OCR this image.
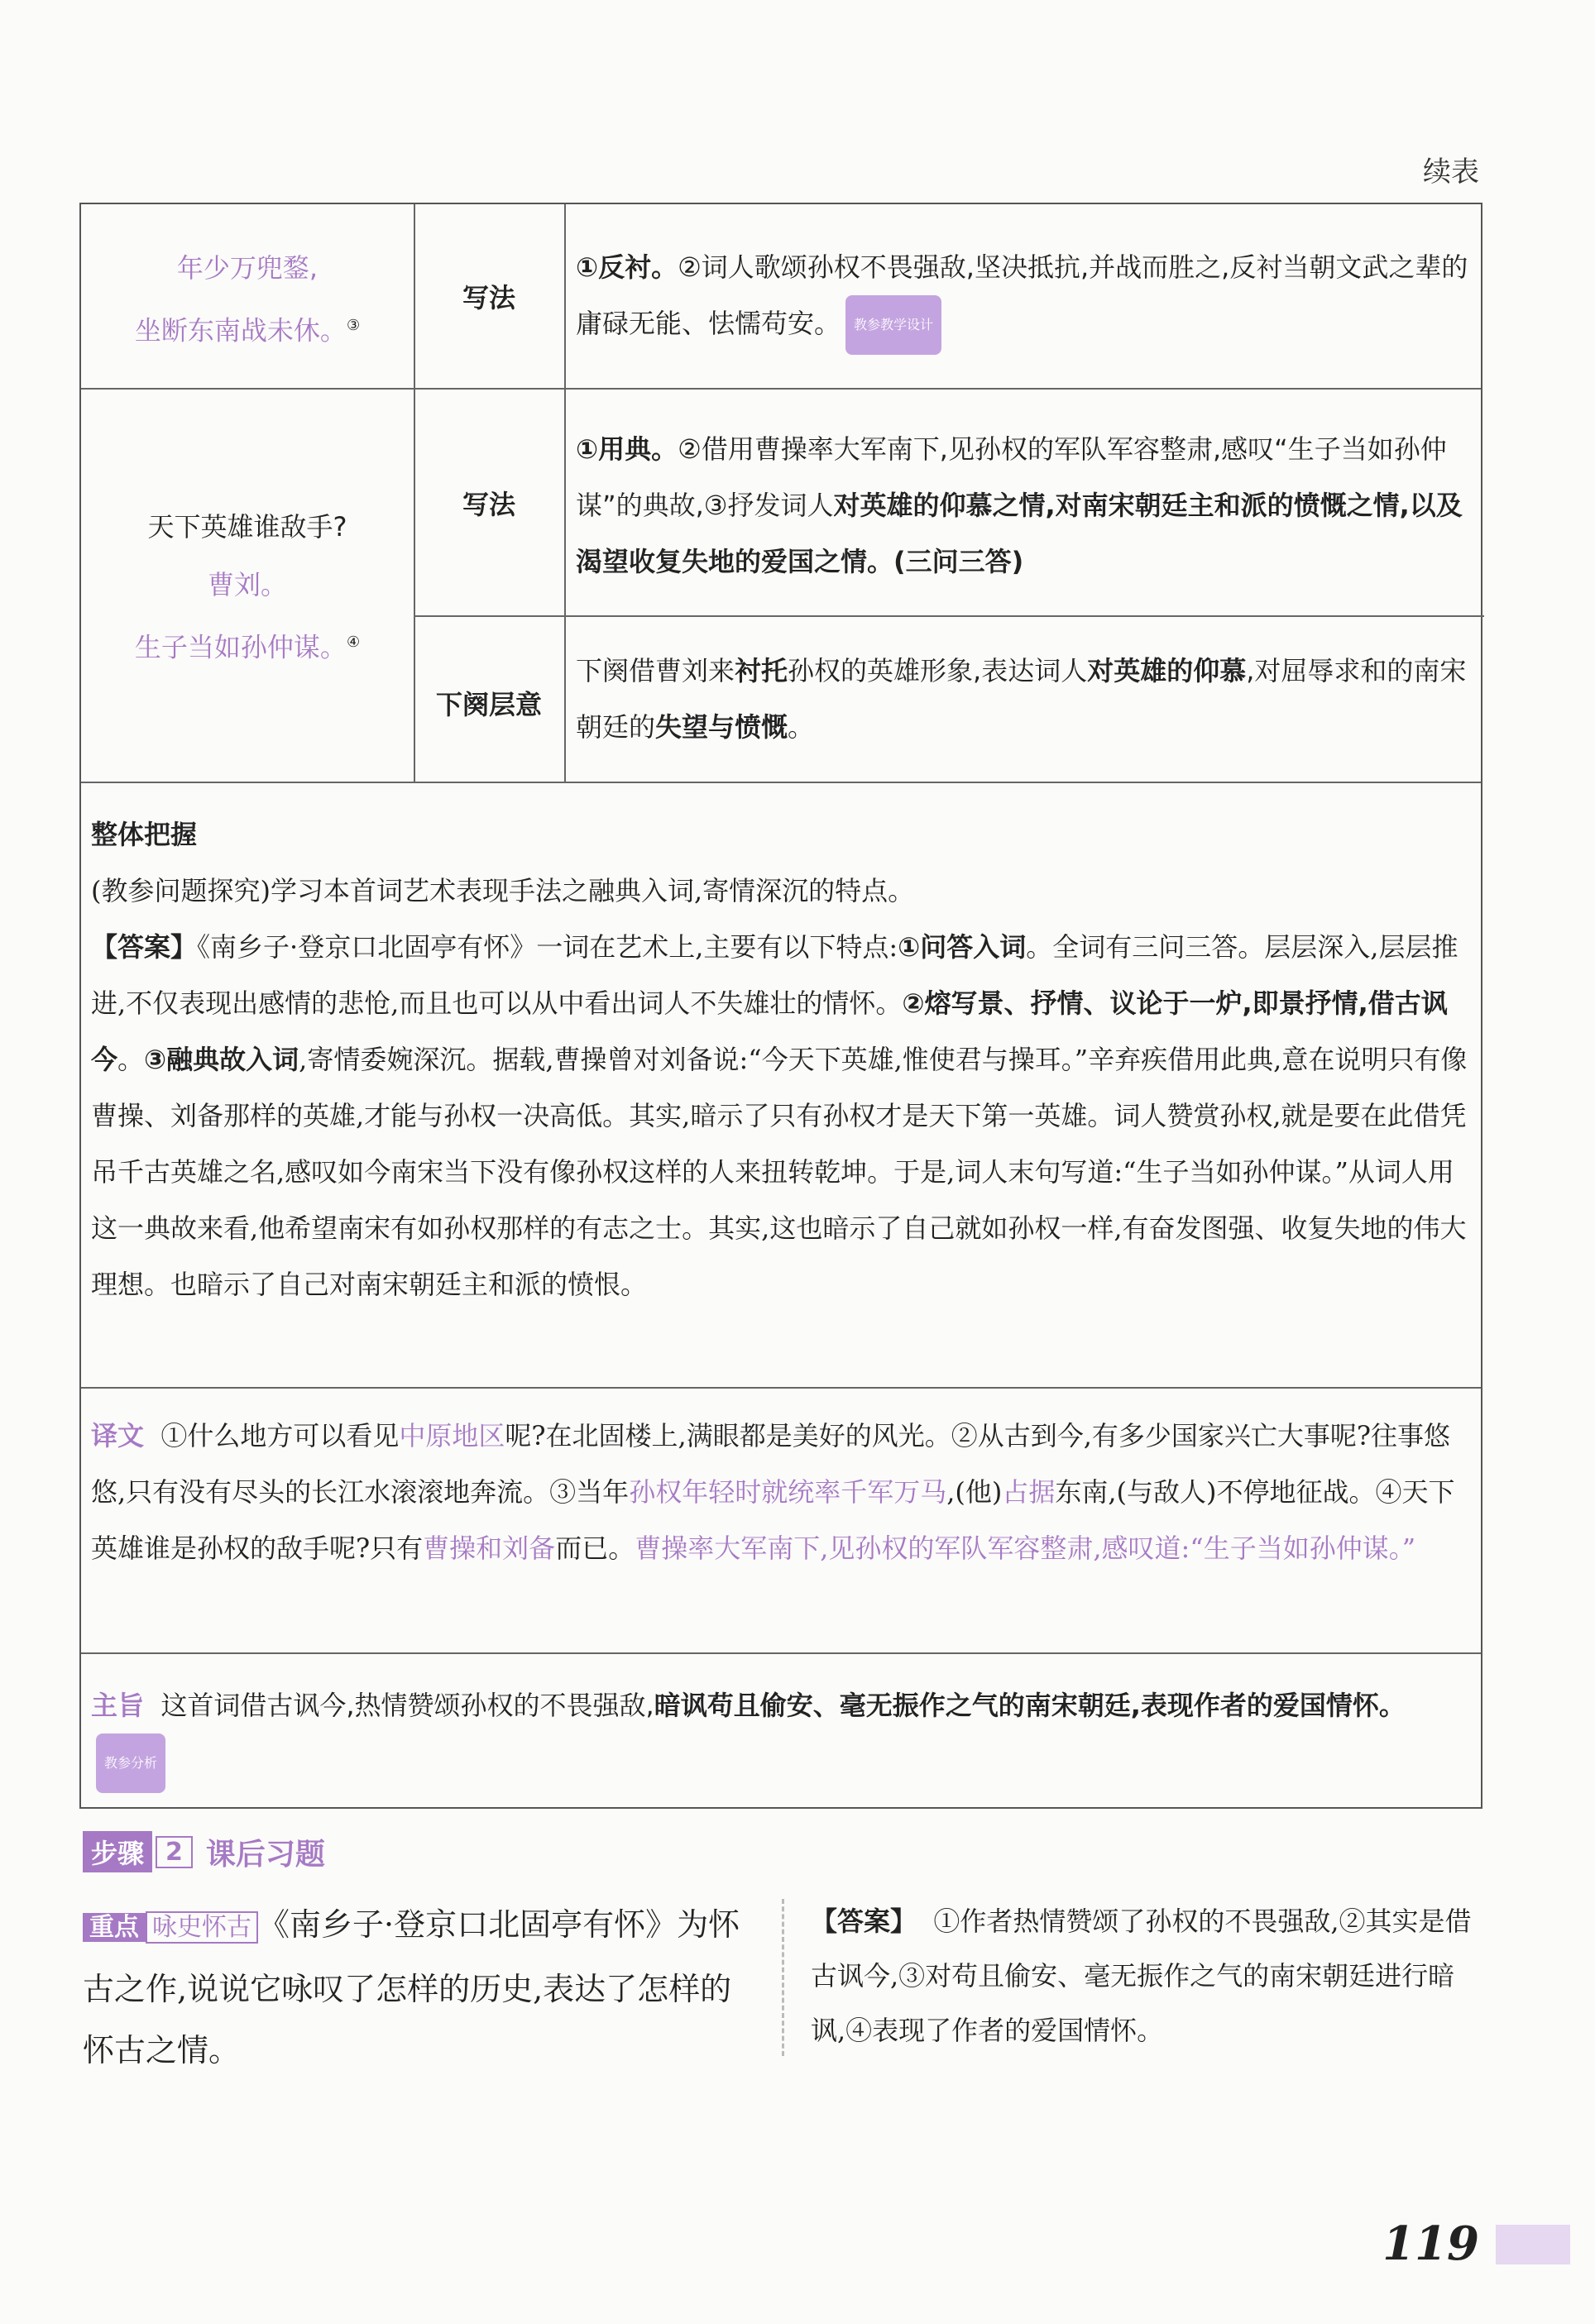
续表
年少万兜鍪,
坐断东南战未休。③
写法
①反衬。②词人歌颂孙权不畏强敌,坚决抵抗,并战而胜之,反衬当朝文武之辈的庸碌无能、怯懦苟安。 教参教学设计
天下英雄谁敌手?
曹刘。
生子当如孙仲谋。④
写法
①用典。②借用曹操率大军南下,见孙权的军队军容整肃,感叹“生子当如孙仲谋”的典故,③抒发词人对英雄的仰慕之情,对南宋朝廷主和派的愤慨之情,以及渴望收复失地的爱国之情。(三问三答)
下阕层意
下阕借曹刘来衬托孙权的英雄形象,表达词人对英雄的仰慕,对屈辱求和的南宋朝廷的失望与愤慨。
整体把握
(教参问题探究)学习本首词艺术表现手法之融典入词,寄情深沉的特点。
【答案】《南乡子·登京口北固亭有怀》一词在艺术上,主要有以下特点:①问答入词。全词有三问三答。层层深入,层层推进,不仅表现出感情的悲怆,而且也可以从中看出词人不失雄壮的情怀。②熔写景、抒情、议论于一炉,即景抒情,借古讽今。③融典故入词,寄情委婉深沉。据载,曹操曾对刘备说:“今天下英雄,惟使君与操耳。”辛弃疾借用此典,意在说明只有像曹操、刘备那样的英雄,才能与孙权一决高低。其实,暗示了只有孙权才是天下第一英雄。词人赞赏孙权,就是要在此借凭吊千古英雄之名,感叹如今南宋当下没有像孙权这样的人来扭转乾坤。于是,词人末句写道:“生子当如孙仲谋。”从词人用这一典故来看,他希望南宋有如孙权那样的有志之士。其实,这也暗示了自己就如孙权一样,有奋发图强、收复失地的伟大理想。也暗示了自己对南宋朝廷主和派的愤恨。
译文 ①什么地方可以看见中原地区呢?在北固楼上,满眼都是美好的风光。②从古到今,有多少国家兴亡大事呢?往事悠悠,只有没有尽头的长江水滚滚地奔流。③当年孙权年轻时就统率千军万马,(他)占据东南,(与敌人)不停地征战。④天下英雄谁是孙权的敌手呢?只有曹操和刘备而已。曹操率大军南下,见孙权的军队军容整肃,感叹道:“生子当如孙仲谋。”
主旨 这首词借古讽今,热情赞颂孙权的不畏强敌,暗讽苟且偷安、毫无振作之气的南宋朝廷,表现作者的爱国情怀。教参分析
步骤 2 课后习题
重点 咏史怀古 《南乡子·登京口北固亭有怀》为怀古之作,说说它咏叹了怎样的历史,表达了怎样的怀古之情。
【答案】 ①作者热情赞颂了孙权的不畏强敌,②其实是借古讽今,③对苟且偷安、毫无振作之气的南宋朝廷进行暗讽,④表现了作者的爱国情怀。
119
